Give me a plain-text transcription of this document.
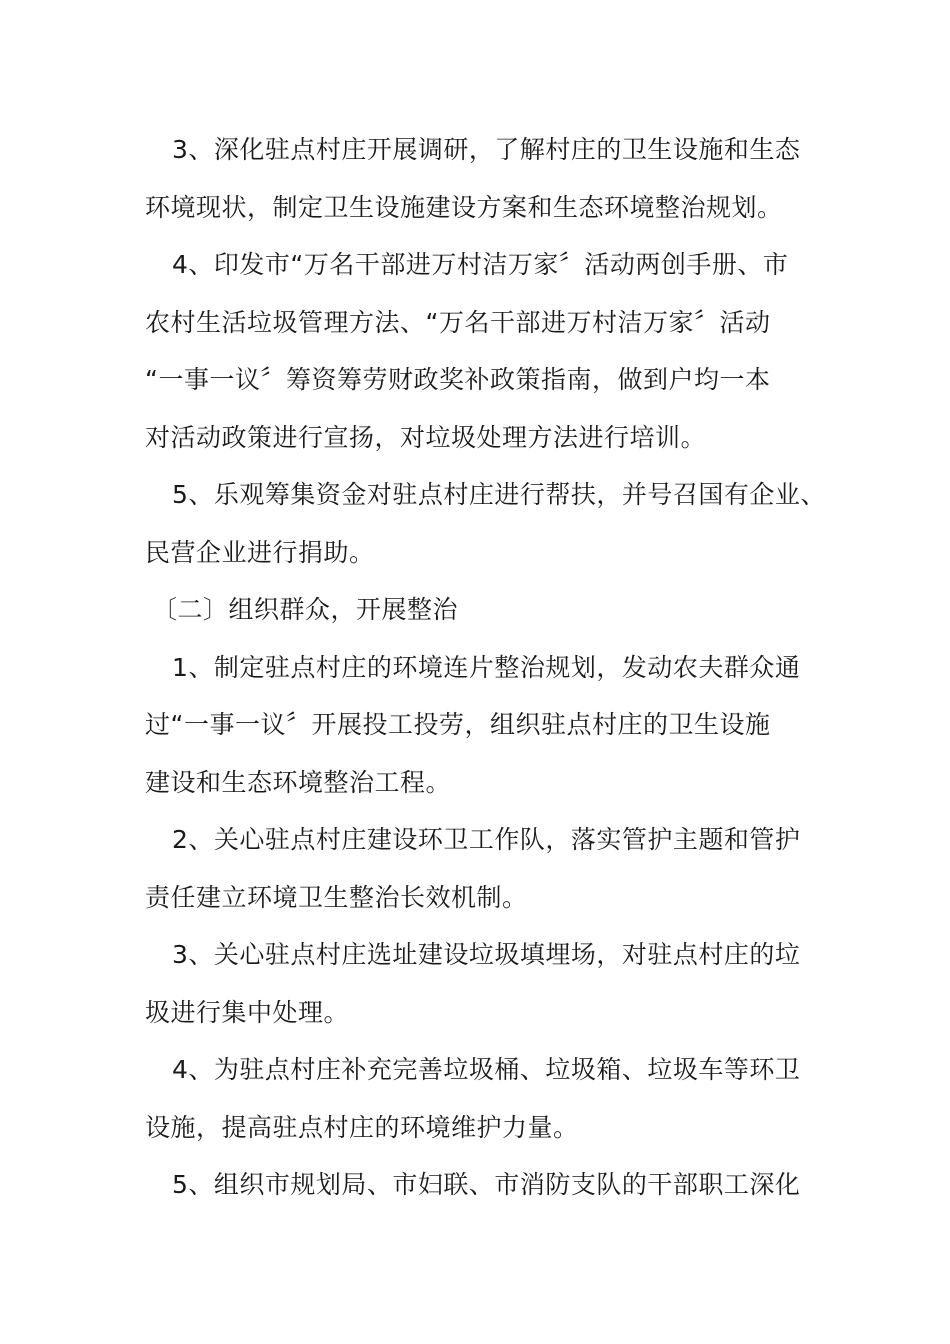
3、深化驻点村庄开展调研，了解村庄的卫生设施和生态
环境现状，制定卫生设施建设方案和生态环境整治规划。
4、印发市“万名干部进万村洁万家〞活动两创手册、市
农村生活垃圾管理方法、“万名干部进万村洁万家〞活动
“一事一议〞筹资筹劳财政奖补政策指南，做到户均一本
对活动政策进行宣扬，对垃圾处理方法进行培训。
5、乐观筹集资金对驻点村庄进行帮扶，并号召国有企业、
民营企业进行捐助。
〔二〕组织群众，开展整治
1、制定驻点村庄的环境连片整治规划，发动农夫群众通
过“一事一议〞开展投工投劳，组织驻点村庄的卫生设施
建设和生态环境整治工程。
2、关心驻点村庄建设环卫工作队，落实管护主题和管护
责任建立环境卫生整治长效机制。
3、关心驻点村庄选址建设垃圾填埋场，对驻点村庄的垃
圾进行集中处理。
4、为驻点村庄补充完善垃圾桶、垃圾箱、垃圾车等环卫
设施，提高驻点村庄的环境维护力量。
5、组织市规划局、市妇联、市消防支队的干部职工深化
